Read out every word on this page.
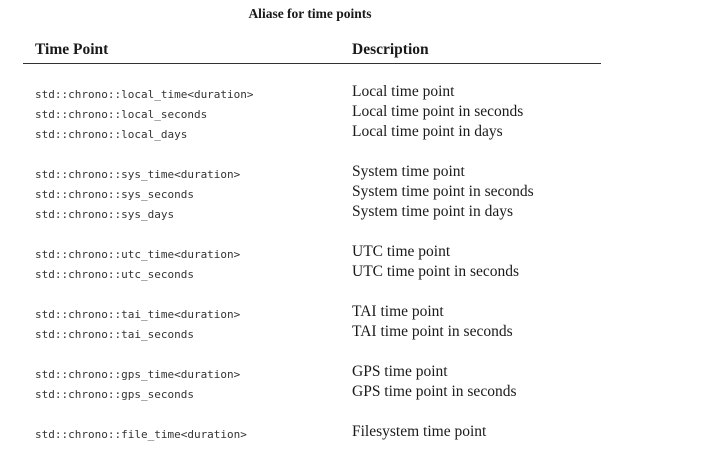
Aliase for time points
Time Point	Description
std::chrono::local_time<duration>	Local time point
std::chrono::local_seconds	Local time point in seconds
std::chrono::local_days	Local time point in days
std::chrono::sys_time<duration>	System time point
std::chrono::sys_seconds	System time point in seconds
std::chrono::sys_days	System time point in days
std::chrono::utc_time<duration>	UTC time point
std::chrono::utc_seconds	UTC time point in seconds
std::chrono::tai_time<duration>	TAI time point
std::chrono::tai_seconds	TAI time point in seconds
std::chrono::gps_time<duration>	GPS time point
std::chrono::gps_seconds	GPS time point in seconds
std::chrono::file_time<duration>	Filesystem time point
